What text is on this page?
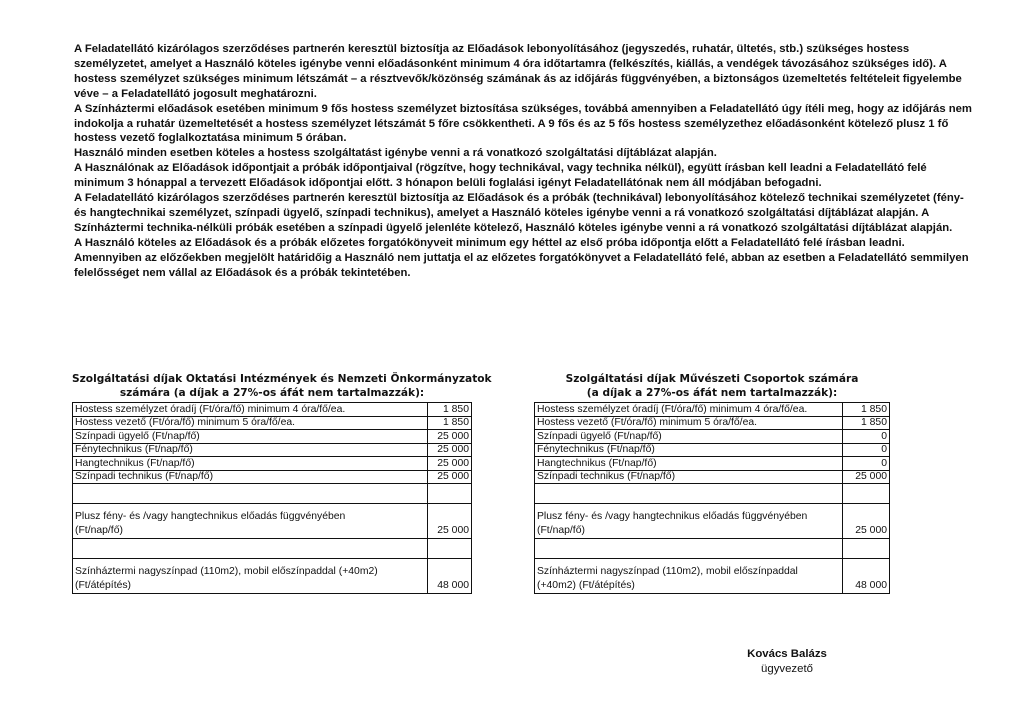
A Feladatellátó kizárólagos szerződéses partnerén keresztül biztosítja az Előadások lebonyolításához (jegyszedés, ruhatár, ültetés, stb.) szükséges hostess személyzetet, amelyet a Használó köteles igénybe venni előadásonként minimum 4 óra időtartamra (felkészítés, kiállás, a vendégek távozásához szükséges idő). A hostess személyzet szükséges minimum létszámát – a résztvevők/közönség számának ás az időjárás függvényében, a biztonságos üzemeltetés feltételeit figyelembe véve – a Feladatellátó jogosult meghatározni.

A Színháztermi előadások esetében minimum 9 fős hostess személyzet biztosítása szükséges, továbbá amennyiben a Feladatellátó úgy ítéli meg, hogy az időjárás nem indokolja a ruhatár üzemeltetését a hostess személyzet létszámát 5 főre csökkentheti. A 9 fős és az 5 fős hostess személyzethez előadásonként kötelező plusz 1 fő hostess vezető foglalkoztatása minimum 5 órában.

Használó minden esetben köteles a hostess szolgáltatást igénybe venni a rá vonatkozó szolgáltatási díjtáblázat alapján.

A Használónak az Előadások időpontjait a próbák időpontjaival (rögzítve, hogy technikával, vagy technika nélkül), együtt írásban kell leadni a Feladatellátó felé minimum 3 hónappal a tervezett Előadások időpontjai előtt. 3 hónapon belüli foglalási igényt Feladatellátónak nem áll módjában befogadni.

A Feladatellátó kizárólagos szerződéses partnerén keresztül biztosítja az Előadások és a próbák (technikával) lebonyolításához kötelező technikai személyzetet (fény- és hangtechnikai személyzet, színpadi ügyelő, színpadi technikus), amelyet a Használó köteles igénybe venni a rá vonatkozó szolgáltatási díjtáblázat alapján. A Színháztermi technika-nélküli próbák esetében a színpadi ügyelő jelenléte kötelező, Használó köteles igénybe venni a rá vonatkozó szolgáltatási díjtáblázat alapján.

A Használó köteles az Előadások és a próbák előzetes forgatókönyveit minimum egy héttel az első próba időpontja előtt a Feladatellátó felé írásban leadni. Amennyiben az előzőekben megjelölt határidőig a Használó nem juttatja el az előzetes forgatókönyvet a Feladatellátó felé, abban az esetben a Feladatellátó semmilyen felelősséget nem vállal az Előadások és a próbák tekintetében.

Szolgáltatási díjak Oktatási Intézmények és Nemzeti Önkormányzatok
számára (a díjak a 27%-os áfát nem tartalmazzák):
Hostess személyzet óradíj (Ft/óra/fő) minimum 4 óra/fő/ea.	1 850
Hostess vezető (Ft/óra/fő) minimum 5 óra/fő/ea.	1 850
Színpadi ügyelő (Ft/nap/fő)	25 000
Fénytechnikus (Ft/nap/fő)	25 000
Hangtechnikus (Ft/nap/fő)	25 000
Színpadi technikus (Ft/nap/fő)	25 000

Plusz fény- és /vagy hangtechnikus előadás függvényében
(Ft/nap/fő)	25 000

Színháztermi nagyszínpad (110m2), mobil előszínpaddal (+40m2)
(Ft/átépítés)	48 000
Szolgáltatási díjak Művészeti Csoportok számára
(a díjak a 27%-os áfát nem tartalmazzák):
Hostess személyzet óradíj (Ft/óra/fő) minimum 4 óra/fő/ea.	1 850
Hostess vezető (Ft/óra/fő) minimum 5 óra/fő/ea.	1 850
Színpadi ügyelő (Ft/nap/fő)	0
Fénytechnikus (Ft/nap/fő)	0
Hangtechnikus (Ft/nap/fő)	0
Színpadi technikus (Ft/nap/fő)	25 000

Plusz fény- és /vagy hangtechnikus előadás függvényében
(Ft/nap/fő)	25 000

Színháztermi nagyszínpad (110m2), mobil előszínpaddal
(+40m2) (Ft/átépítés)	48 000
Kovács Balázs
ügyvezető
